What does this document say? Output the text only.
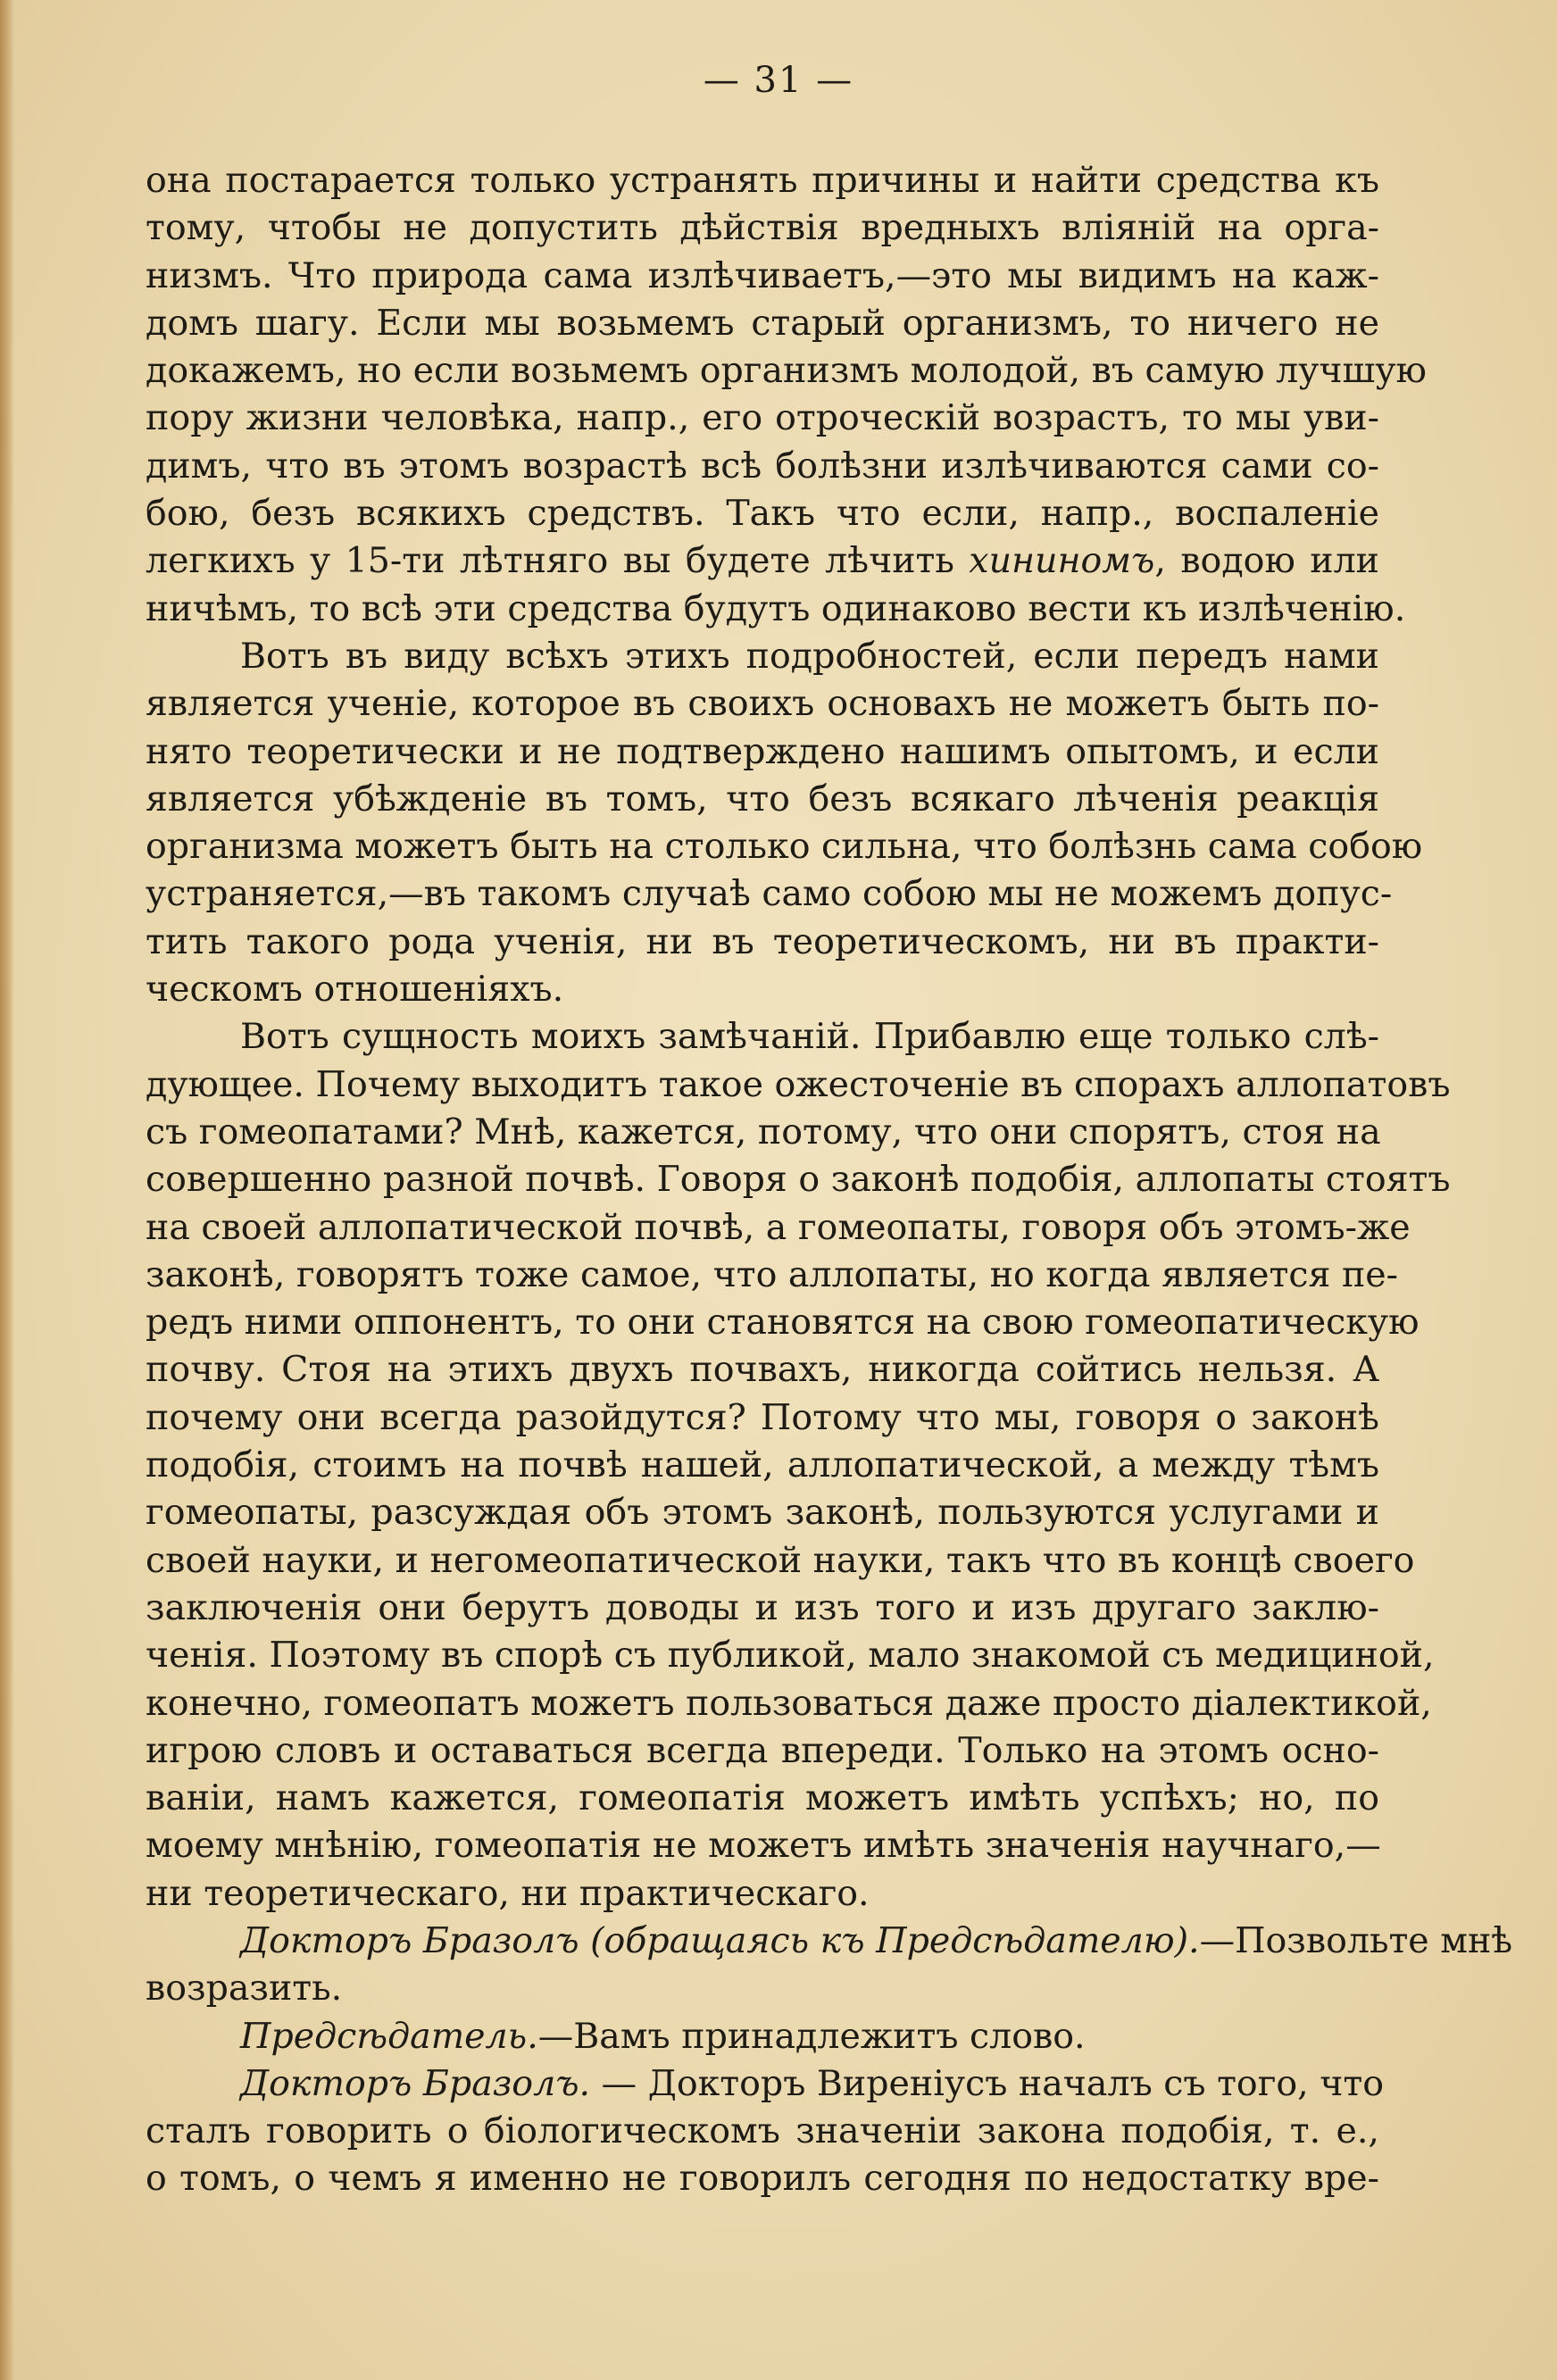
— 31 —
она постарается только устранять причины и найти средства къ
тому, чтобы не допустить дѣйствія вредныхъ вліяній на орга-
низмъ. Что природа сама излѣчиваетъ,—это мы видимъ на каж-
домъ шагу. Если мы возьмемъ старый организмъ, то ничего не
докажемъ, но если возьмемъ организмъ молодой, въ самую лучшую
пору жизни человѣка, напр., его отроческій возрастъ, то мы уви-
димъ, что въ этомъ возрастѣ всѣ болѣзни излѣчиваются сами со-
бою, безъ всякихъ средствъ. Такъ что если, напр., воспаленіе
легкихъ у 15-ти лѣтняго вы будете лѣчить хининомъ, водою или
ничѣмъ, то всѣ эти средства будутъ одинаково вести къ излѣченію.
Вотъ въ виду всѣхъ этихъ подробностей, если передъ нами
является ученіе, которое въ своихъ основахъ не можетъ быть по-
нято теоретически и не подтверждено нашимъ опытомъ, и если
является убѣжденіе въ томъ, что безъ всякаго лѣченія реакція
организма можетъ быть на столько сильна, что болѣзнь сама собою
устраняется,—въ такомъ случаѣ само собою мы не можемъ допус-
тить такого рода ученія, ни въ теоретическомъ, ни въ практи-
ческомъ отношеніяхъ.
Вотъ сущность моихъ замѣчаній. Прибавлю еще только слѣ-
дующее. Почему выходитъ такое ожесточеніе въ спорахъ аллопатовъ
съ гомеопатами? Мнѣ, кажется, потому, что они спорятъ, стоя на
совершенно разной почвѣ. Говоря о законѣ подобія, аллопаты стоятъ
на своей аллопатической почвѣ, а гомеопаты, говоря объ этомъ-же
законѣ, говорятъ тоже самое, что аллопаты, но когда является пе-
редъ ними оппонентъ, то они становятся на свою гомеопатическую
почву. Стоя на этихъ двухъ почвахъ, никогда сойтись нельзя. А
почему они всегда разойдутся? Потому что мы, говоря о законѣ
подобія, стоимъ на почвѣ нашей, аллопатической, а между тѣмъ
гомеопаты, разсуждая объ этомъ законѣ, пользуются услугами и
своей науки, и негомеопатической науки, такъ что въ концѣ своего
заключенія они берутъ доводы и изъ того и изъ другаго заклю-
ченія. Поэтому въ спорѣ съ публикой, мало знакомой съ медициной,
конечно, гомеопатъ можетъ пользоваться даже просто діалектикой,
игрою словъ и оставаться всегда впереди. Только на этомъ осно-
ваніи, намъ кажется, гомеопатія можетъ имѣть успѣхъ; но, по
моему мнѣнію, гомеопатія не можетъ имѣть значенія научнаго,—
ни теоретическаго, ни практическаго.
Докторъ Бразолъ (обращаясь къ Предсѣдателю).—Позвольте мнѣ
возразить.
Предсѣдатель.—Вамъ принадлежитъ слово.
Докторъ Бразолъ. — Докторъ Виреніусъ началъ съ того, что
сталъ говорить о біологическомъ значеніи закона подобія, т. е.,
о томъ, о чемъ я именно не говорилъ сегодня по недостатку вре-
